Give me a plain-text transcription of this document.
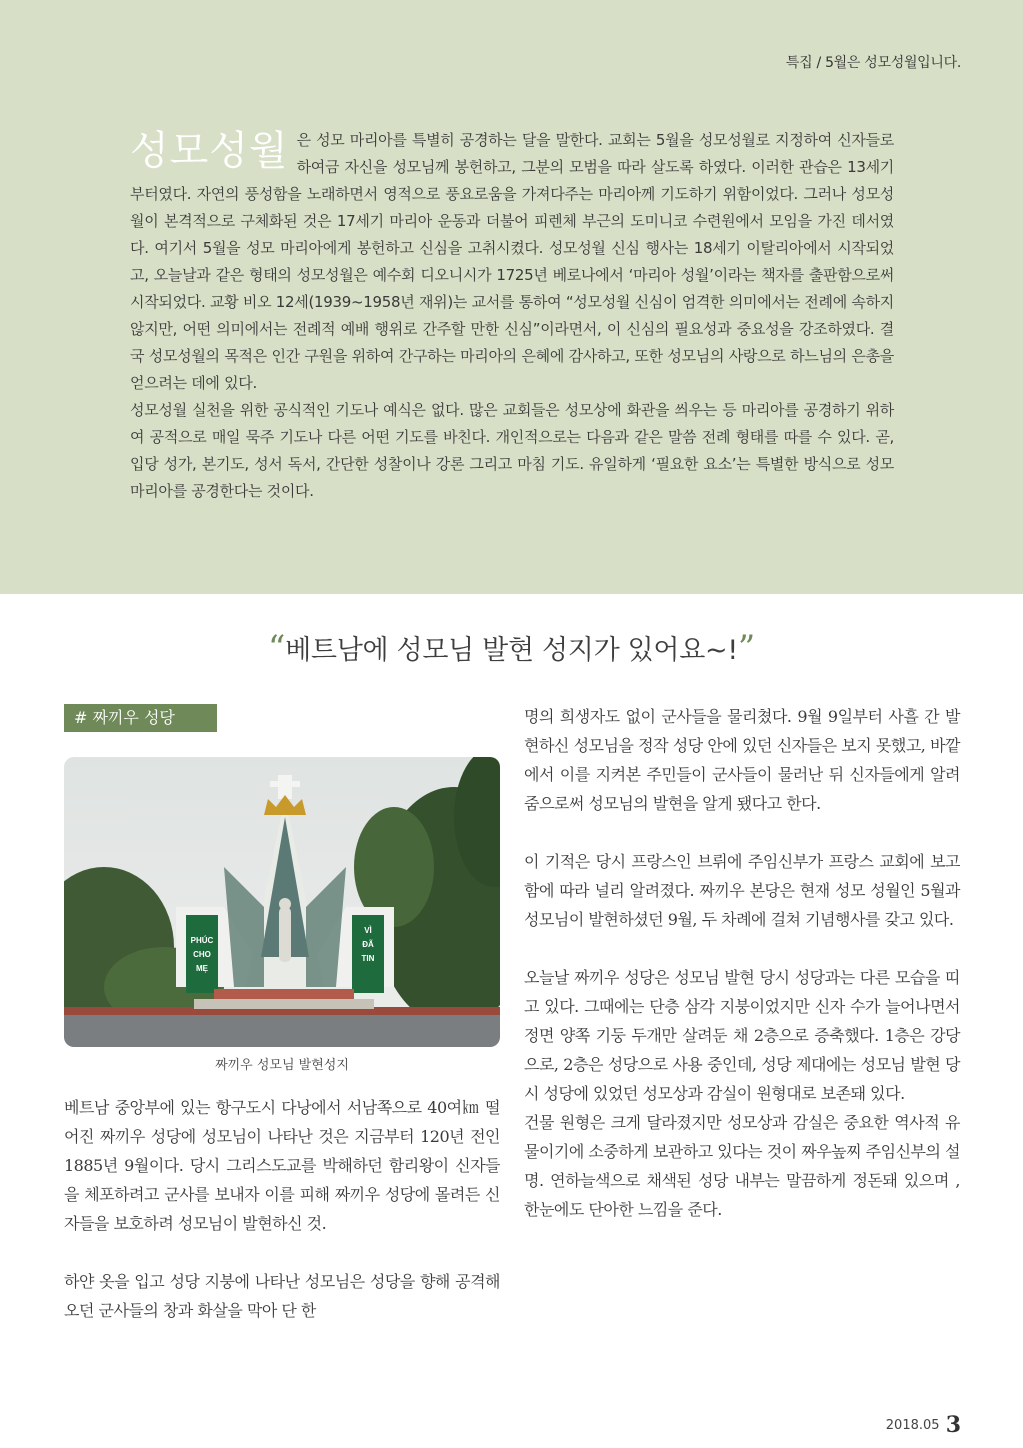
특집 / 5월은 성모성월입니다.

성모성월 은 성모 마리아를 특별히 공경하는 달을 말한다. 교회는 5월을 성모성월로 지정하여 신자들로 하여금 자신을 성모님께 봉헌하고, 그분의 모범을 따라 살도록 하였다. 이러한 관습은 13세기부터였다. 자연의 풍성함을 노래하면서 영적으로 풍요로움을 가져다주는 마리아께 기도하기 위함이었다. 그러나 성모성월이 본격적으로 구체화된 것은 17세기 마리아 운동과 더불어 피렌체 부근의 도미니코 수련원에서 모임을 가진 데서였다. 여기서 5월을 성모 마리아에게 봉헌하고 신심을 고취시켰다. 성모성월 신심 행사는 18세기 이탈리아에서 시작되었고, 오늘날과 같은 형태의 성모성월은 예수회 디오니시가 1725년 베로나에서 ‘마리아 성월’이라는 책자를 출판함으로써 시작되었다. 교황 비오 12세(1939~1958년 재위)는 교서를 통하여 “성모성월 신심이 엄격한 의미에서는 전례에 속하지 않지만, 어떤 의미에서는 전례적 예배 행위로 간주할 만한 신심”이라면서, 이 신심의 필요성과 중요성을 강조하였다. 결국 성모성월의 목적은 인간 구원을 위하여 간구하는 마리아의 은혜에 감사하고, 또한 성모님의 사랑으로 하느님의 은총을 얻으려는 데에 있다.

성모성월 실천을 위한 공식적인 기도나 예식은 없다. 많은 교회들은 성모상에 화관을 씌우는 등 마리아를 공경하기 위하여 공적으로 매일 묵주 기도나 다른 어떤 기도를 바친다. 개인적으로는 다음과 같은 말씀 전례 형태를 따를 수 있다. 곧, 입당 성가, 본기도, 성서 독서, 간단한 성찰이나 강론 그리고 마침 기도. 유일하게 ‘필요한 요소’는 특별한 방식으로 성모 마리아를 공경한다는 것이다.

“베트남에 성모님 발현 성지가 있어요~!”
# 짜끼우 성당
PHÚC
CHO
MẸ
VÌ
ĐÃ
TIN
짜끼우 성모님 발현성지

베트남 중앙부에 있는 항구도시 다낭에서 서남쪽으로 40여㎞ 떨어진 짜끼우 성당에 성모님이 나타난 것은 지금부터 120년 전인 1885년 9월이다. 당시 그리스도교를 박해하던 함리왕이 신자들을 체포하려고 군사를 보내자 이를 피해 짜끼우 성당에 몰려든 신자들을 보호하려 성모님이 발현하신 것.

하얀 옷을 입고 성당 지붕에 나타난 성모님은 성당을 향해 공격해 오던 군사들의 창과 화살을 막아 단 한

명의 희생자도 없이 군사들을 물리쳤다. 9월 9일부터 사흘 간 발현하신 성모님을 정작 성당 안에 있던 신자들은 보지 못했고, 바깥에서 이를 지켜본 주민들이 군사들이 물러난 뒤 신자들에게 알려줌으로써 성모님의 발현을 알게 됐다고 한다.

이 기적은 당시 프랑스인 브뤼에 주임신부가 프랑스 교회에 보고함에 따라 널리 알려졌다. 짜끼우 본당은 현재 성모 성월인 5월과 성모님이 발현하셨던 9월, 두 차례에 걸쳐 기념행사를 갖고 있다.

오늘날 짜끼우 성당은 성모님 발현 당시 성당과는 다른 모습을 띠고 있다. 그때에는 단층 삼각 지붕이었지만 신자 수가 늘어나면서 정면 양쪽 기둥 두개만 살려둔 채 2층으로 증축했다. 1층은 강당으로, 2층은 성당으로 사용 중인데, 성당 제대에는 성모님 발현 당시 성당에 있었던 성모상과 감실이 원형대로 보존돼 있다.

건물 원형은 크게 달라졌지만 성모상과 감실은 중요한 역사적 유물이기에 소중하게 보관하고 있다는 것이 짜우높찌 주임신부의 설명. 연하늘색으로 채색된 성당 내부는 말끔하게 정돈돼 있으며 , 한눈에도 단아한 느낌을 준다.

2018.05 3
